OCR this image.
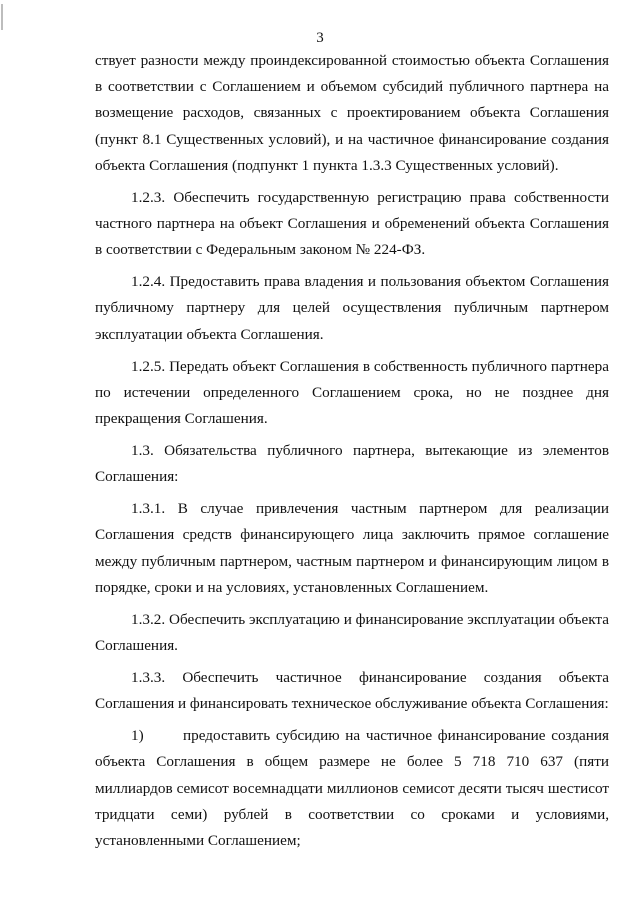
3

ствует разности между проиндексированной стоимостью объекта Соглашения в соответствии с Соглашением и объемом субсидий публичного партнера на возмещение расходов, связанных с проектированием объекта Соглашения (пункт 8.1 Существенных условий), и на частичное финансирование создания объекта Соглашения (подпункт 1 пункта 1.3.3 Существенных условий).

1.2.3. Обеспечить государственную регистрацию права собственности частного партнера на объект Соглашения и обременений объекта Соглашения в соответствии с Федеральным законом № 224-ФЗ.

1.2.4. Предоставить права владения и пользования объектом Соглашения публичному партнеру для целей осуществления публичным партнером эксплуатации объекта Соглашения.

1.2.5. Передать объект Соглашения в собственность публичного партнера по истечении определенного Соглашением срока, но не позднее дня прекращения Соглашения.

1.3. Обязательства публичного партнера, вытекающие из элементов Соглашения:

1.3.1. В случае привлечения частным партнером для реализации Соглашения средств финансирующего лица заключить прямое соглашение между публичным партнером, частным партнером и финансирующим лицом в порядке, сроки и на условиях, установленных Соглашением.

1.3.2. Обеспечить эксплуатацию и финансирование эксплуатации объекта Соглашения.

1.3.3. Обеспечить частичное финансирование создания объекта Соглашения и финансировать техническое обслуживание объекта Соглашения:

1)	предоставить субсидию на частичное финансирование создания объекта Соглашения в общем размере не более 5 718 710 637 (пяти миллиардов семисот восемнадцати миллионов семисот десяти тысяч шестисот тридцати семи) рублей в соответствии со сроками и условиями, установленными Соглашением;
